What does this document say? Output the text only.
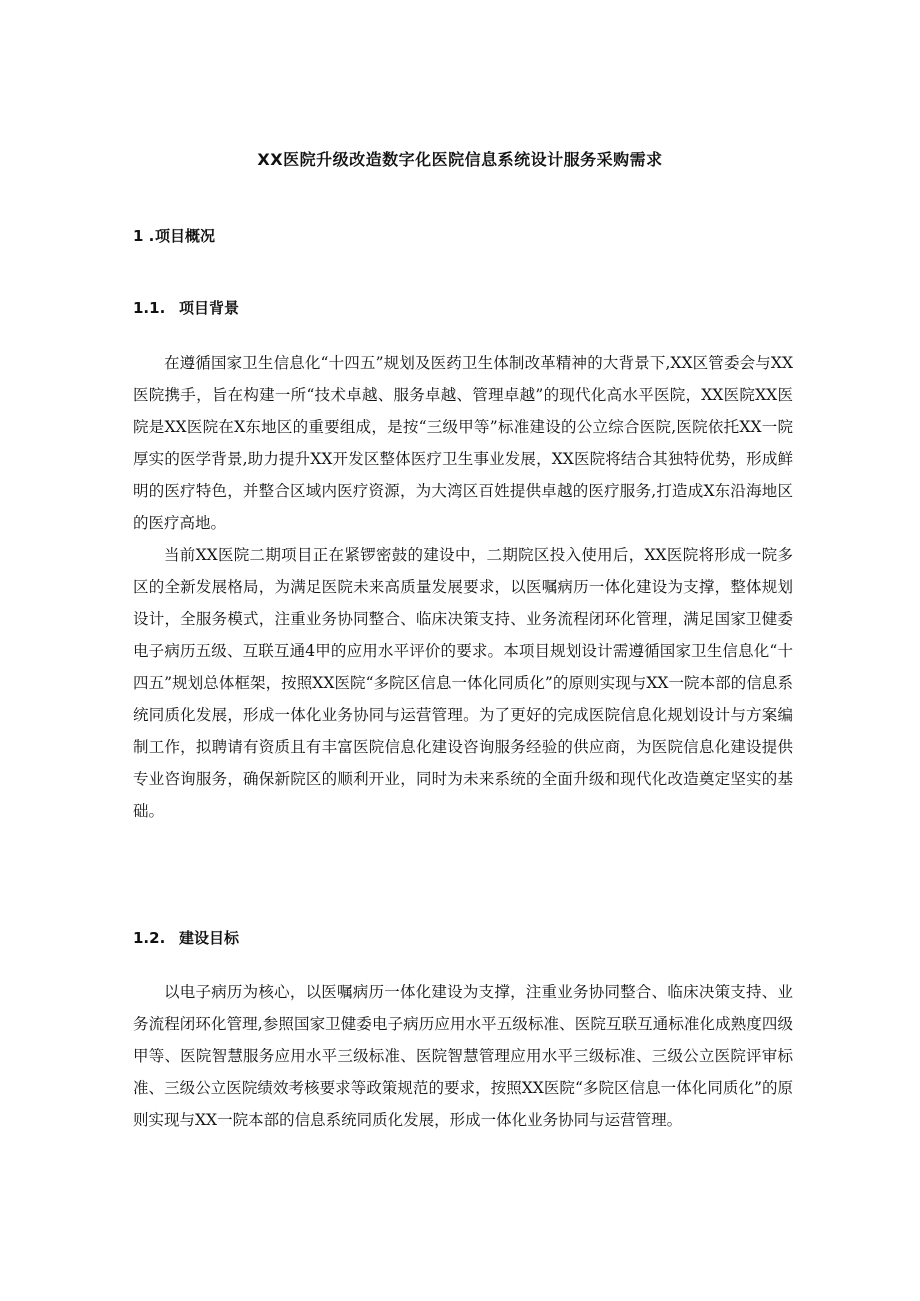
XX医院升级改造数字化医院信息系统设计服务采购需求
1 .项目概况
1.1. 项目背景

在遵循国家卫生信息化“十四五”规划及医药卫生体制改革精神的大背景下,XX区管委会与XX医院携手，旨在构建一所“技术卓越、服务卓越、管理卓越”的现代化高水平医院，XX医院XX医院是XX医院在X东地区的重要组成，是按“三级甲等”标准建设的公立综合医院,医院依托XX一院厚实的医学背景,助力提升XX开发区整体医疗卫生事业发展，XX医院将结合其独特优势，形成鲜明的医疗特色，并整合区域内医疗资源，为大湾区百姓提供卓越的医疗服务,打造成X东沿海地区的医疗高地。

当前XX医院二期项目正在紧锣密鼓的建设中，二期院区投入使用后，XX医院将形成一院多区的全新发展格局，为满足医院未来高质量发展要求，以医嘱病历一体化建设为支撑，整体规划设计，全服务模式，注重业务协同整合、临床决策支持、业务流程闭环化管理，满足国家卫健委电子病历五级、互联互通4甲的应用水平评价的要求。本项目规划设计需遵循国家卫生信息化“十四五”规划总体框架，按照XX医院“多院区信息一体化同质化”的原则实现与XX一院本部的信息系统同质化发展，形成一体化业务协同与运营管理。为了更好的完成医院信息化规划设计与方案编制工作，拟聘请有资质且有丰富医院信息化建设咨询服务经验的供应商，为医院信息化建设提供专业咨询服务，确保新院区的顺利开业，同时为未来系统的全面升级和现代化改造奠定坚实的基础。

1.2. 建设目标

以电子病历为核心，以医嘱病历一体化建设为支撑，注重业务协同整合、临床决策支持、业务流程闭环化管理,参照国家卫健委电子病历应用水平五级标准、医院互联互通标准化成熟度四级甲等、医院智慧服务应用水平三级标准、医院智慧管理应用水平三级标准、三级公立医院评审标准、三级公立医院绩效考核要求等政策规范的要求，按照XX医院“多院区信息一体化同质化”的原则实现与XX一院本部的信息系统同质化发展，形成一体化业务协同与运营管理。
